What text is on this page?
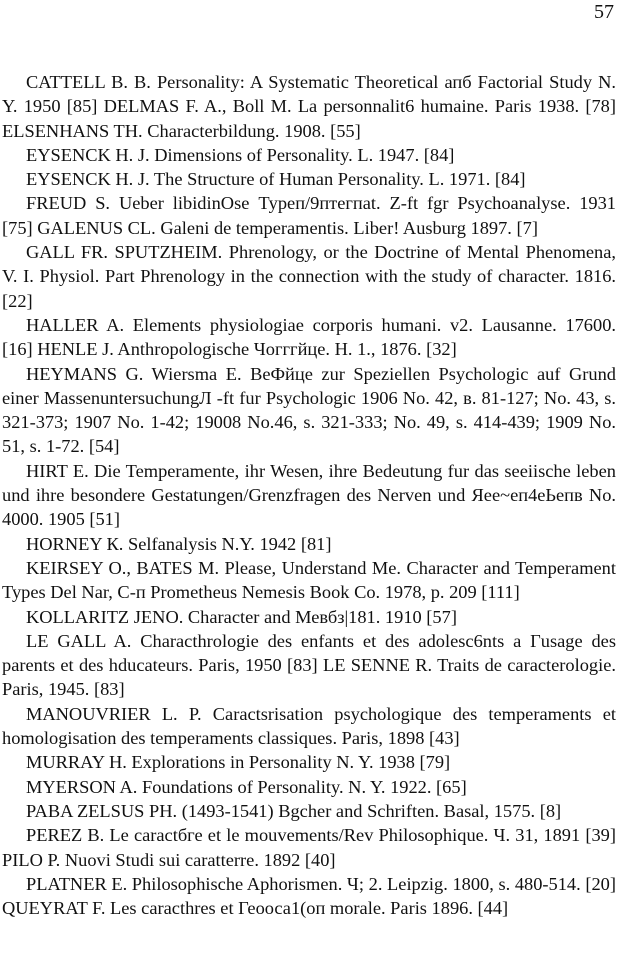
57

CATTELL B. B. Personality: A Systematic Theoretical апб Factorial Study N. Y. 1950 [85] DELMAS F. A., Boll M. La personnalit6 humaine. Paris 1938. [78] ELSENHANS TH. Characterbildung. 1908. [55]

EYSENCK H. J. Dimensions of Personality. L. 1947. [84]

EYSENCK H. J. The Structure of Human Personality. L. 1971. [84]

FREUD S. Ueber libidinOse Туреп/9птегпаt. Z-ft fgr Psychoanalyse. 1931 [75] GALENUS CL. Galeni de temperamentis. Liber! Ausburg 1897. [7]

GALL FR. SPUTZHEIM. Phrenology, or the Doctrine of Mental Phenomena, V. I. Physiol. Part Phrenology in the connection with the study of character. 1816. [22]

HALLER A. Elements physiologiae corporis humani. v2. Lausanne. 17600. [16] HENLE J. Anthropologische Чогггйце. H. 1., 1876. [32]

HEYMANS G. Wiersma E. ВеФйце zur Speziellen Psychologic auf Grund einer MassenuntersuchungЛ -ft fur Psychologic 1906 No. 42, в. 81-127; No. 43, s. 321-373; 1907 No. 1-42; 19008 No.46, s. 321-333; No. 49, s. 414-439; 1909 No. 51, s. 1-72. [54]

HIRT E. Die Temperamente, ihr Wesen, ihre Bedeutung fur das seeiische leben und ihre besondere Gestatungen/Grenzfragen des Nerven und Яее~еп4еЬепв No. 4000. 1905 [51]

HORNEY К. Selfanalysis N.Y. 1942 [81]

KEIRSEY O., BATES M. Please, Understand Me. Character and Temperament Types Del Nar, С-п Prometheus Nemesis Book Co. 1978, p. 209 [111]

KOLLARITZ JENO. Character and Мевбз|181. 1910 [57]

LE GALL A. Characthrologie des enfants et des adolesc6nts a Гusage des parents et des hducateurs. Paris, 1950 [83] LE SENNE R. Traits de caracterologie. Paris, 1945. [83]

MANOUVRIER L. P. Caractsrisation psychologique des temperaments et homologisation des temperaments classiques. Paris, 1898 [43]

MURRAY H. Explorations in Personality N. Y. 1938 [79]

MYERSON A. Foundations of Personality. N. Y. 1922. [65]

PABA ZELSUS PH. (1493-1541) Bgcher and Schriften. Basal, 1575. [8]

PEREZ B. Le caractбге et le mouvements/Rev Philosophique. Ч. 31, 1891 [39] PILO P. Nuovi Studi sui caratterre. 1892 [40]

PLATNER E. Philosophische Aphorismen. Ч; 2. Leipzig. 1800, s. 480-514. [20] QUEYRAT F. Les caracthres et Геооса1(оп morale. Paris 1896. [44]
